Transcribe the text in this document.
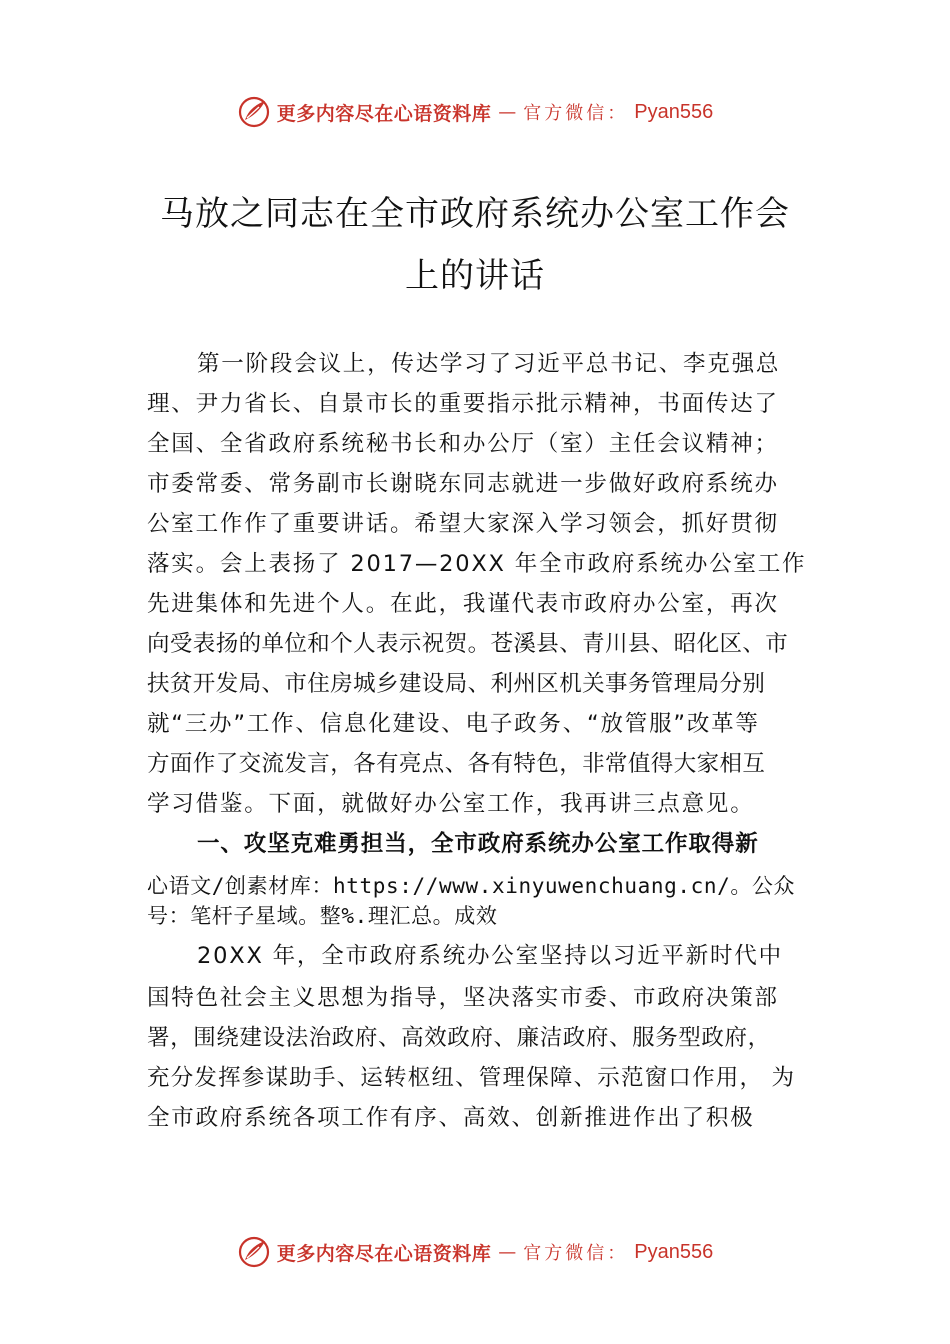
更多内容尽在心语资料库 — 官方微信： Pyan556
马放之同志在全市政府系统办公室工作会
上的讲话
第一阶段会议上，传达学习了习近平总书记、李克强总
理、尹力省长、自景市长的重要指示批示精神，书面传达了
全国、全省政府系统秘书长和办公厅（室）主任会议精神；
市委常委、常务副市长谢晓东同志就进一步做好政府系统办
公室工作作了重要讲话。希望大家深入学习领会，抓好贯彻
落实。会上表扬了 2017—20XX 年全市政府系统办公室工作
先进集体和先进个人。在此，我谨代表市政府办公室，再次
向受表扬的单位和个人表示祝贺。苍溪县、青川县、昭化区、市
扶贫开发局、市住房城乡建设局、利州区机关事务管理局分别
就“三办”工作、信息化建设、电子政务、“放管服”改革等
方面作了交流发言，各有亮点、各有特色，非常值得大家相互
学习借鉴。下面，就做好办公室工作，我再讲三点意见。
一、攻坚克难勇担当，全市政府系统办公室工作取得新
心语文/创素材库：https://www.xinyuwenchuang.cn/。公众
号：笔杆子星域。整%.理汇总。成效
20XX 年，全市政府系统办公室坚持以习近平新时代中
国特色社会主义思想为指导，坚决落实市委、市政府决策部
署，围绕建设法治政府、高效政府、廉洁政府、服务型政府，
充分发挥参谋助手、运转枢纽、管理保障、示范窗口作用， 为
全市政府系统各项工作有序、高效、创新推进作出了积极
更多内容尽在心语资料库 — 官方微信： Pyan556
